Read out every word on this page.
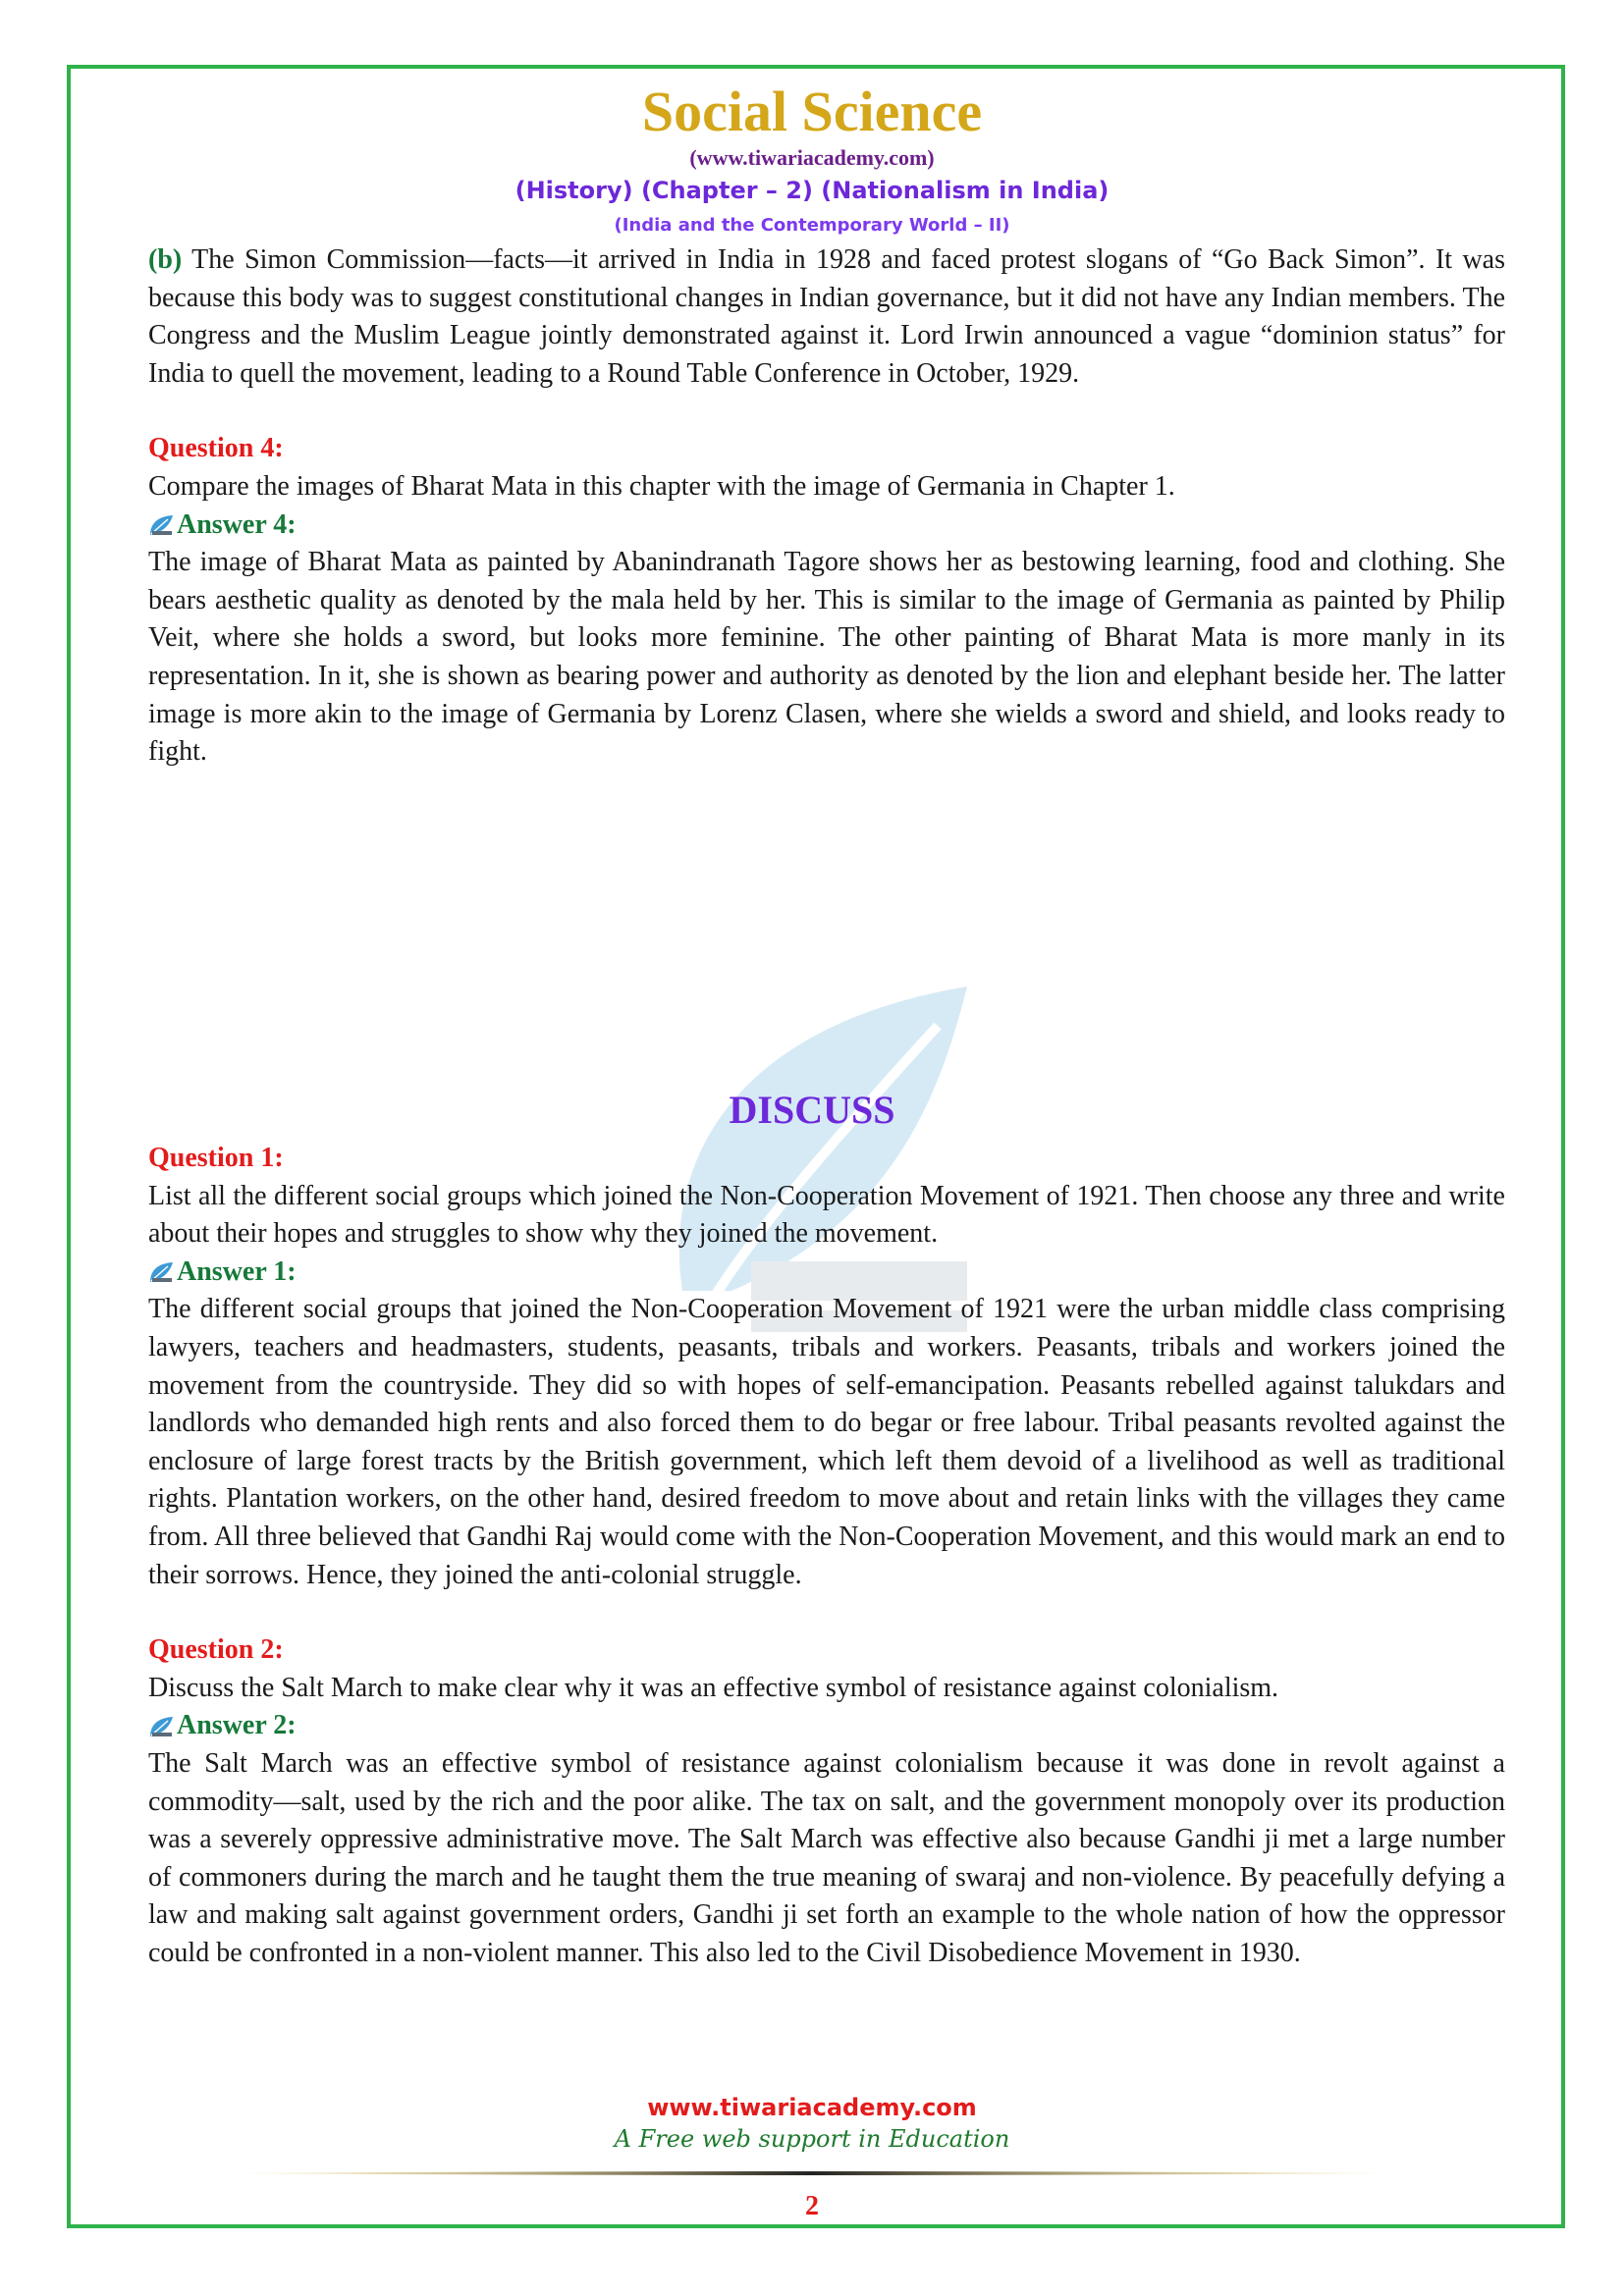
Social Science
(www.tiwariacademy.com)
(History) (Chapter – 2) (Nationalism in India)
(India and the Contemporary World – II)

(b) The Simon Commission—facts—it arrived in India in 1928 and faced protest slogans of “Go Back Simon”. It was because this body was to suggest constitutional changes in Indian governance, but it did not have any Indian members. The Congress and the Muslim League jointly demonstrated against it. Lord Irwin announced a vague “dominion status” for India to quell the movement, leading to a Round Table Conference in October, 1929.

Question 4:

Compare the images of Bharat Mata in this chapter with the image of Germania in Chapter 1.

Answer 4:

The image of Bharat Mata as painted by Abanindranath Tagore shows her as bestowing learning, food and clothing. She bears aesthetic quality as denoted by the mala held by her. This is similar to the image of Germania as painted by Philip Veit, where she holds a sword, but looks more feminine. The other painting of Bharat Mata is more manly in its representation. In it, she is shown as bearing power and authority as denoted by the lion and elephant beside her. The latter image is more akin to the image of Germania by Lorenz Clasen, where she wields a sword and shield, and looks ready to fight.

DISCUSS

Question 1:

List all the different social groups which joined the Non-Cooperation Movement of 1921. Then choose any three and write about their hopes and struggles to show why they joined the movement.

Answer 1:

The different social groups that joined the Non-Cooperation Movement of 1921 were the urban middle class comprising lawyers, teachers and headmasters, students, peasants, tribals and workers. Peasants, tribals and workers joined the movement from the countryside. They did so with hopes of self-emancipation. Peasants rebelled against talukdars and landlords who demanded high rents and also forced them to do begar or free labour. Tribal peasants revolted against the enclosure of large forest tracts by the British government, which left them devoid of a livelihood as well as traditional rights. Plantation workers, on the other hand, desired freedom to move about and retain links with the villages they came from. All three believed that Gandhi Raj would come with the Non-Cooperation Movement, and this would mark an end to their sorrows. Hence, they joined the anti-colonial struggle.

Question 2:

Discuss the Salt March to make clear why it was an effective symbol of resistance against colonialism.

Answer 2:

The Salt March was an effective symbol of resistance against colonialism because it was done in revolt against a commodity—salt, used by the rich and the poor alike. The tax on salt, and the government monopoly over its production was a severely oppressive administrative move. The Salt March was effective also because Gandhi ji met a large number of commoners during the march and he taught them the true meaning of swaraj and non-violence. By peacefully defying a law and making salt against government orders, Gandhi ji set forth an example to the whole nation of how the oppressor could be confronted in a non-violent manner. This also led to the Civil Disobedience Movement in 1930.

www.tiwariacademy.com
A Free web support in Education
2
